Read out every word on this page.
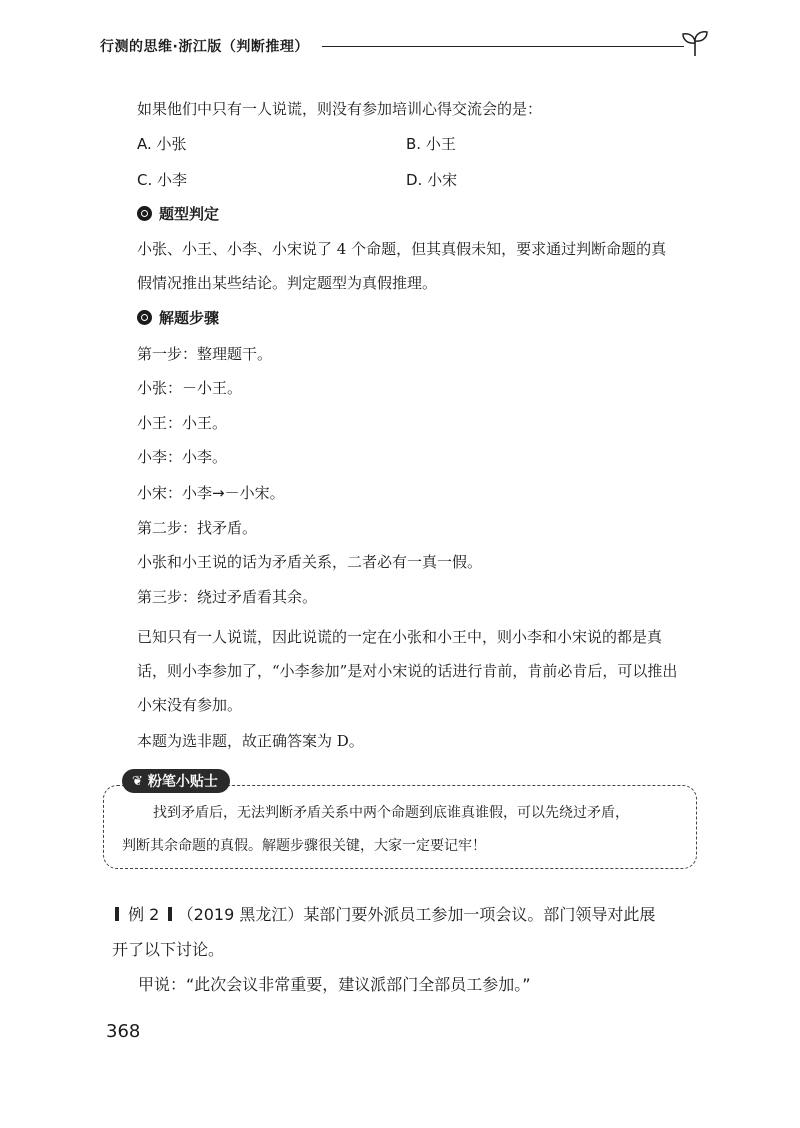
行测的思维·浙江版（判断推理）
如果他们中只有一人说谎，则没有参加培训心得交流会的是：
A. 小张	B. 小王
C. 小李	D. 小宋
题型判定
小张、小王、小李、小宋说了 4 个命题，但其真假未知，要求通过判断命题的真
假情况推出某些结论。判定题型为真假推理。
解题步骤
第一步：整理题干。
小张：－小王。
小王：小王。
小李：小李。
小宋：小李→－小宋。
第二步：找矛盾。
小张和小王说的话为矛盾关系，二者必有一真一假。
第三步：绕过矛盾看其余。
已知只有一人说谎，因此说谎的一定在小张和小王中，则小李和小宋说的都是真
话，则小李参加了，“小李参加”是对小宋说的话进行肯前，肯前必肯后，可以推出
小宋没有参加。
本题为选非题，故正确答案为 D。
❦ 粉笔小贴士
找到矛盾后，无法判断矛盾关系中两个命题到底谁真谁假，可以先绕过矛盾，
判断其余命题的真假。解题步骤很关键，大家一定要记牢！
例 2 （2019 黑龙江）某部门要外派员工参加一项会议。部门领导对此展
开了以下讨论。
甲说：“此次会议非常重要，建议派部门全部员工参加。”
368
